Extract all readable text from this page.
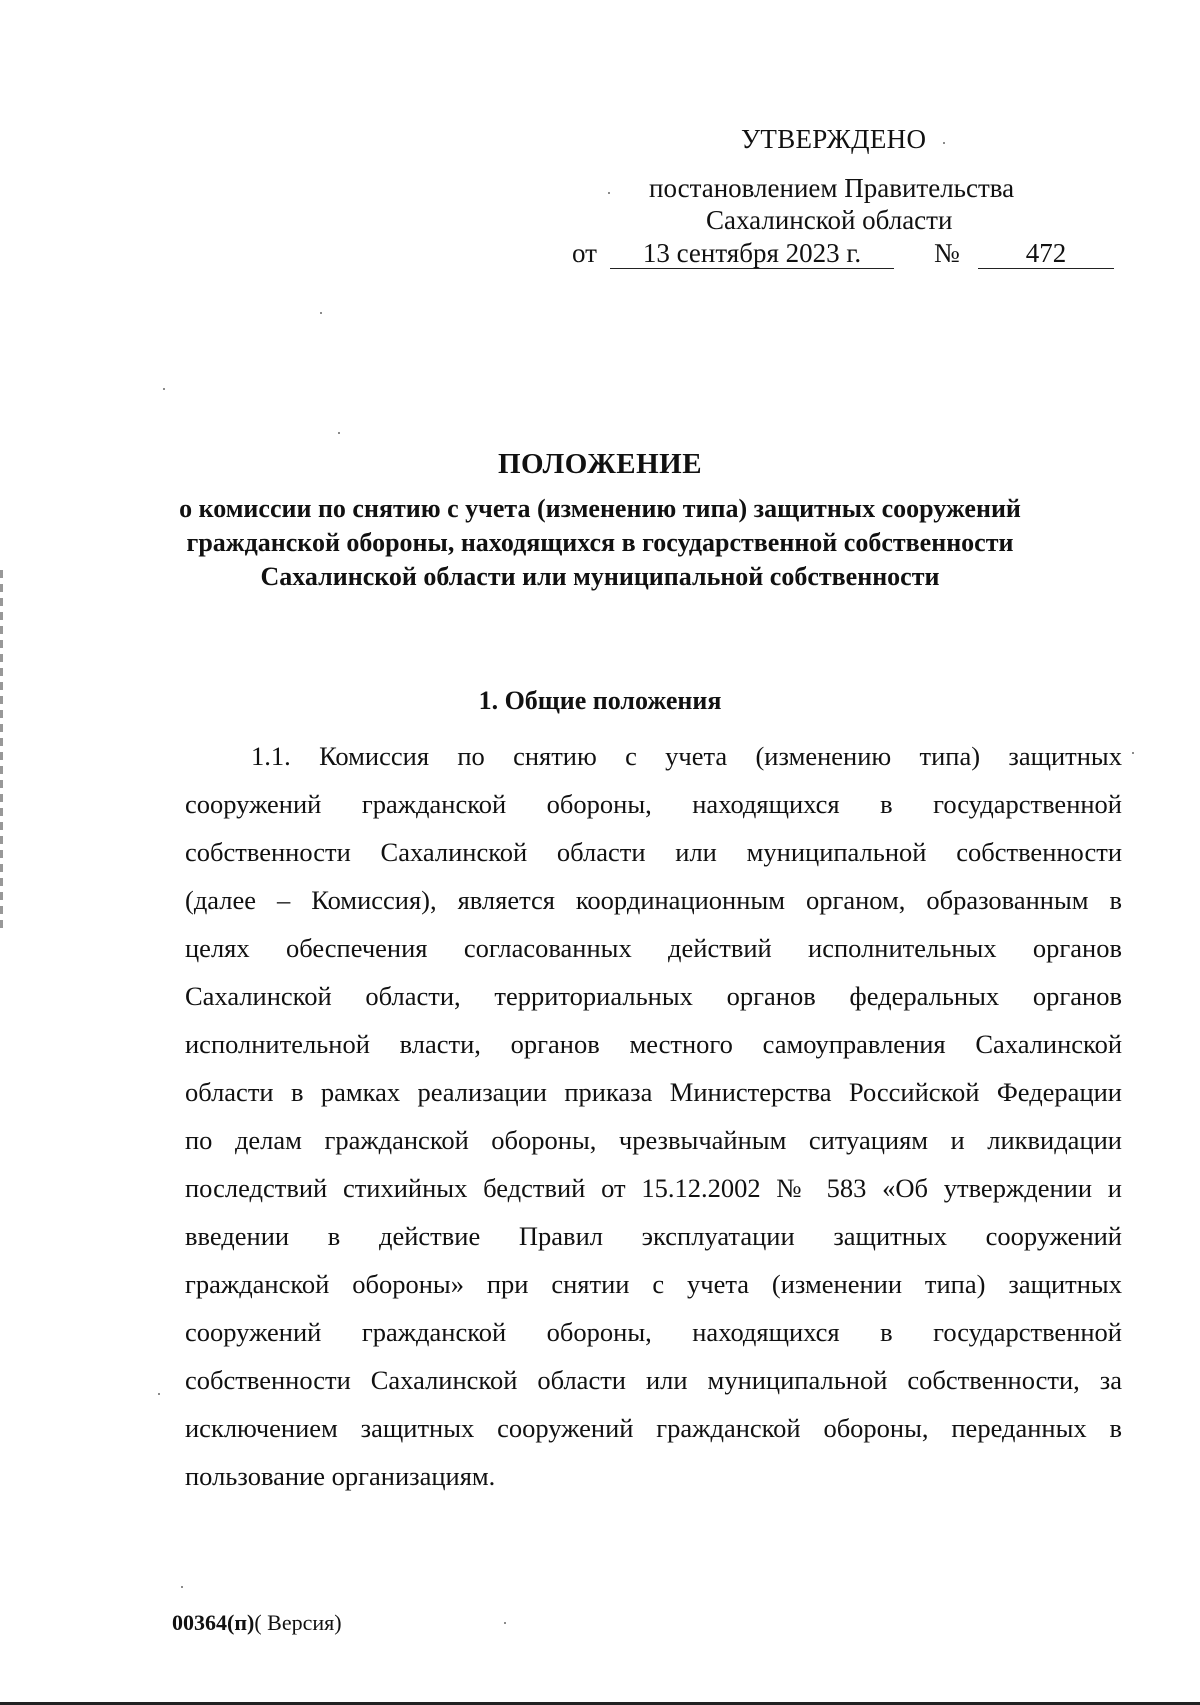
УТВЕРЖДЕНО
постановлением Правительства
Сахалинской области
от	13 сентября 2023 г.	№	472
ПОЛОЖЕНИЕ
о комиссии по снятию с учета (изменению типа) защитных сооружений
гражданской обороны, находящихся в государственной собственности
Сахалинской области или муниципальной собственности
1. Общие положения
1.1. Комиссия по снятию с учета (изменению типа) защитных
сооружений гражданской обороны, находящихся в государственной
собственности Сахалинской области или муниципальной собственности
(далее – Комиссия), является координационным органом, образованным в
целях обеспечения согласованных действий исполнительных органов
Сахалинской области, территориальных органов федеральных органов
исполнительной власти, органов местного самоуправления Сахалинской
области в рамках реализации приказа Министерства Российской Федерации
по делам гражданской обороны, чрезвычайным ситуациям и ликвидации
последствий стихийных бедствий от 15.12.2002 № 583 «Об утверждении и
введении в действие Правил эксплуатации защитных сооружений
гражданской обороны» при снятии с учета (изменении типа) защитных
сооружений гражданской обороны, находящихся в государственной
собственности Сахалинской области или муниципальной собственности, за
исключением защитных сооружений гражданской обороны, переданных в
пользование организациям.
00364(п)( Версия)
